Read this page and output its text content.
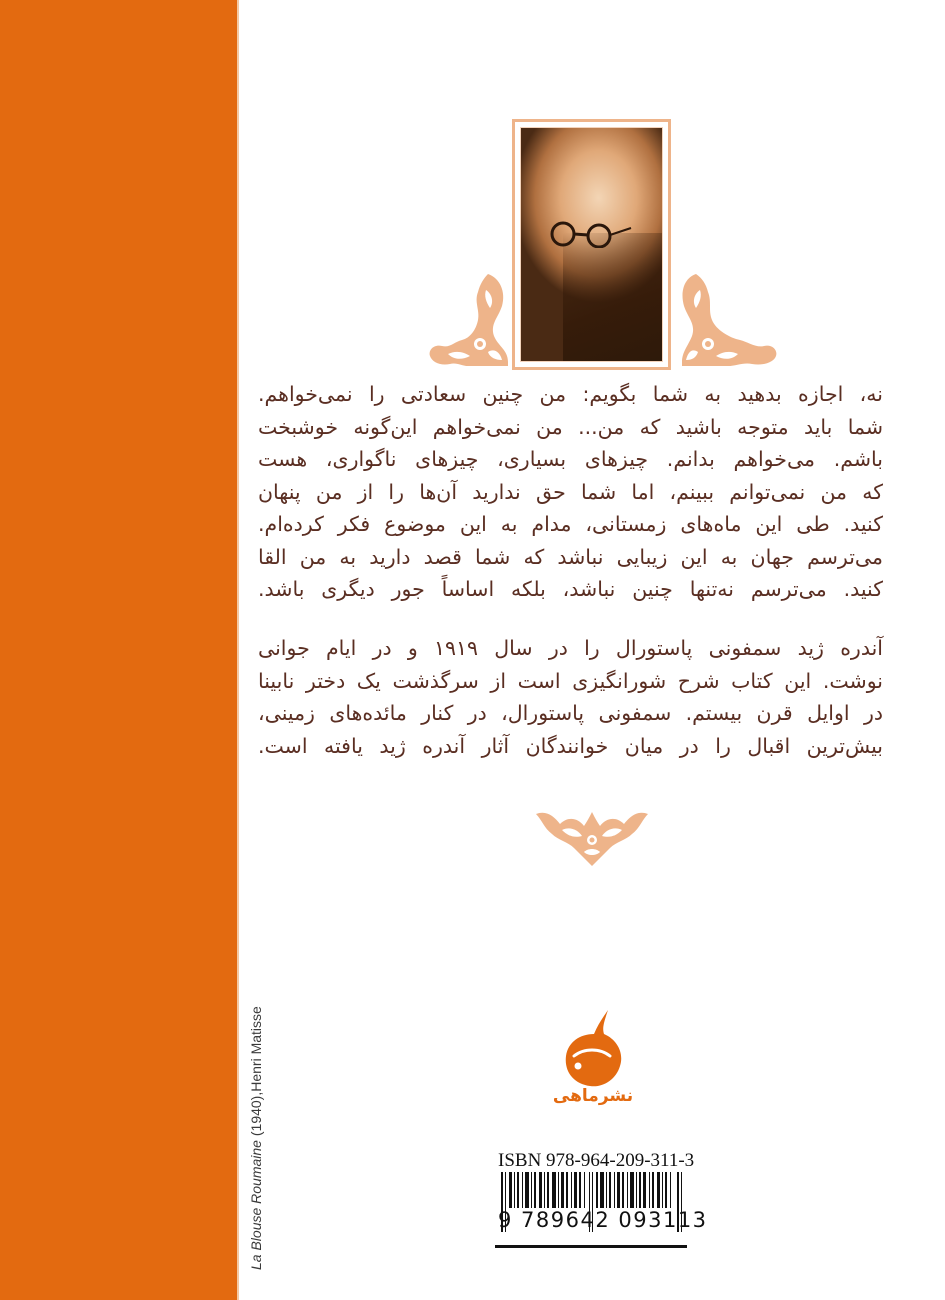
La Blouse Roumaine (1940),Henri Matisse
نه، اجازه بدهید به شما بگویم: من چنین سعادتی را نمی‌خواهم.
شما باید متوجه باشید که من... من نمی‌خواهم این‌گونه خوشبخت
باشم. می‌خواهم بدانم. چیزهای بسیاری، چیزهای ناگواری، هست
که من نمی‌توانم ببینم، اما شما حق ندارید آن‌ها را از من پنهان
کنید. طی این ماه‌های زمستانی، مدام به این موضوع فکر کرده‌ام.
می‌ترسم جهان به این زیبایی نباشد که شما قصد دارید به من القا
کنید. می‌ترسم نه‌تنها چنین نباشد، بلکه اساساً جور دیگری باشد.
آندره ژید سمفونی پاستورال را در سال ۱۹۱۹ و در ایام جوانی
نوشت. این کتاب شرح شورانگیزی است از سرگذشت یک دختر نابینا
در اوایل قرن بیستم. سمفونی پاستورال، در کنار مائده‌های زمینی،
بیش‌ترین اقبال را در میان خوانندگان آثار آندره ژید یافته است.
نشرماهی
ISBN 978-964-209-311-3
9 789642 093113
